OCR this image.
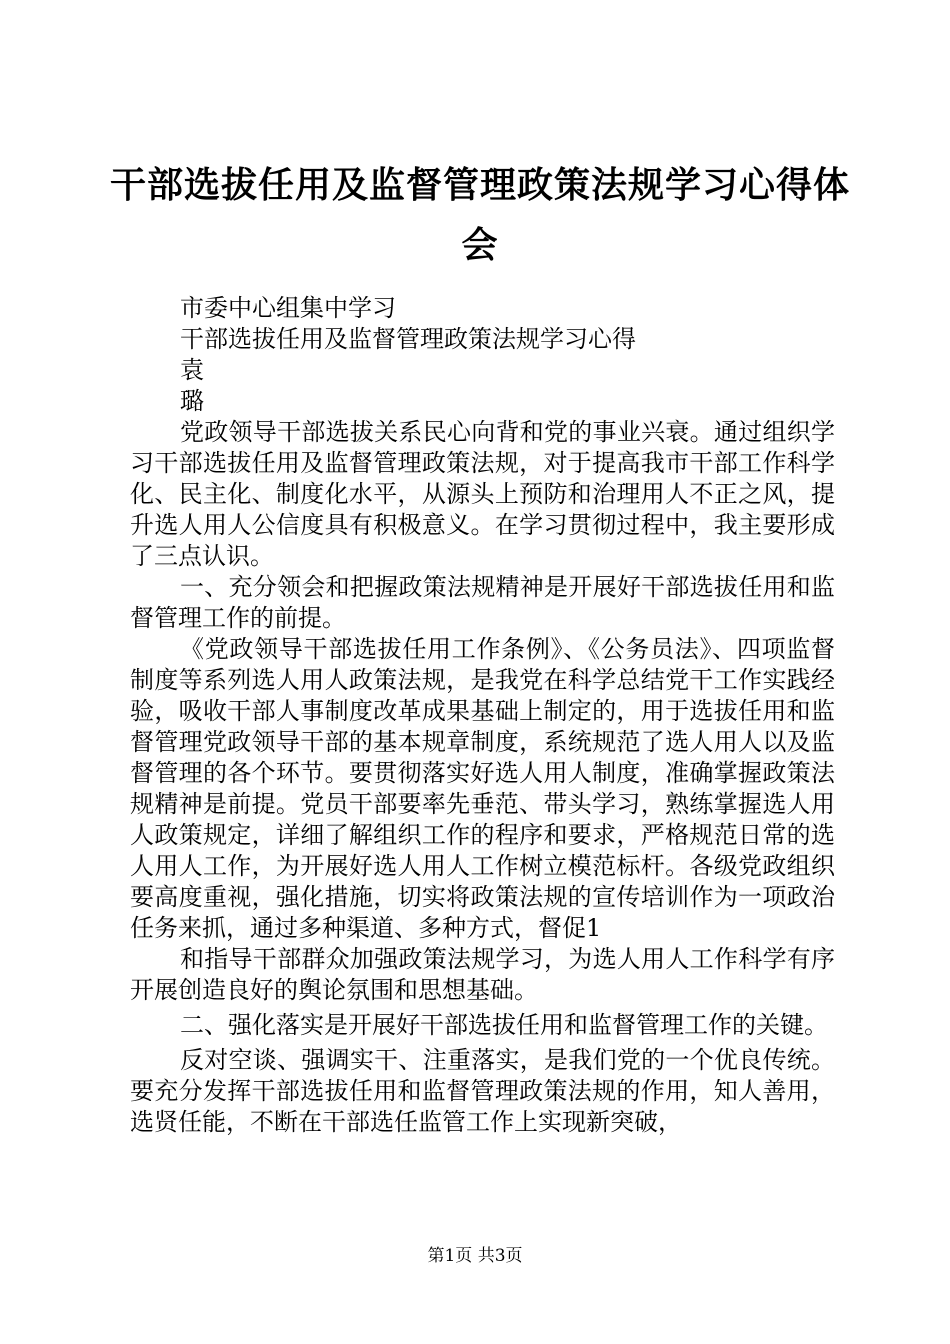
干部选拔任用及监督管理政策法规学习心得体
会

市委中心组集中学习

干部选拔任用及监督管理政策法规学习心得

袁

璐

党政领导干部选拔关系民心向背和党的事业兴衰。通过组织学习干部选拔任用及监督管理政策法规，对于提高我市干部工作科学化、民主化、制度化水平，从源头上预防和治理用人不正之风，提升选人用人公信度具有积极意义。在学习贯彻过程中，我主要形成了三点认识。

一、充分领会和把握政策法规精神是开展好干部选拔任用和监督管理工作的前提。

《党政领导干部选拔任用工作条例》、《公务员法》、四项监督制度等系列选人用人政策法规，是我党在科学总结党干工作实践经验，吸收干部人事制度改革成果基础上制定的，用于选拔任用和监督管理党政领导干部的基本规章制度，系统规范了选人用人以及监督管理的各个环节。要贯彻落实好选人用人制度，准确掌握政策法规精神是前提。党员干部要率先垂范、带头学习，熟练掌握选人用人政策规定，详细了解组织工作的程序和要求，严格规范日常的选人用人工作，为开展好选人用人工作树立模范标杆。各级党政组织要高度重视，强化措施，切实将政策法规的宣传培训作为一项政治任务来抓，通过多种渠道、多种方式，督促1

和指导干部群众加强政策法规学习，为选人用人工作科学有序开展创造良好的舆论氛围和思想基础。

二、强化落实是开展好干部选拔任用和监督管理工作的关键。

反对空谈、强调实干、注重落实，是我们党的一个优良传统。要充分发挥干部选拔任用和监督管理政策法规的作用，知人善用，选贤任能，不断在干部选任监管工作上实现新突破，

第1页 共3页
